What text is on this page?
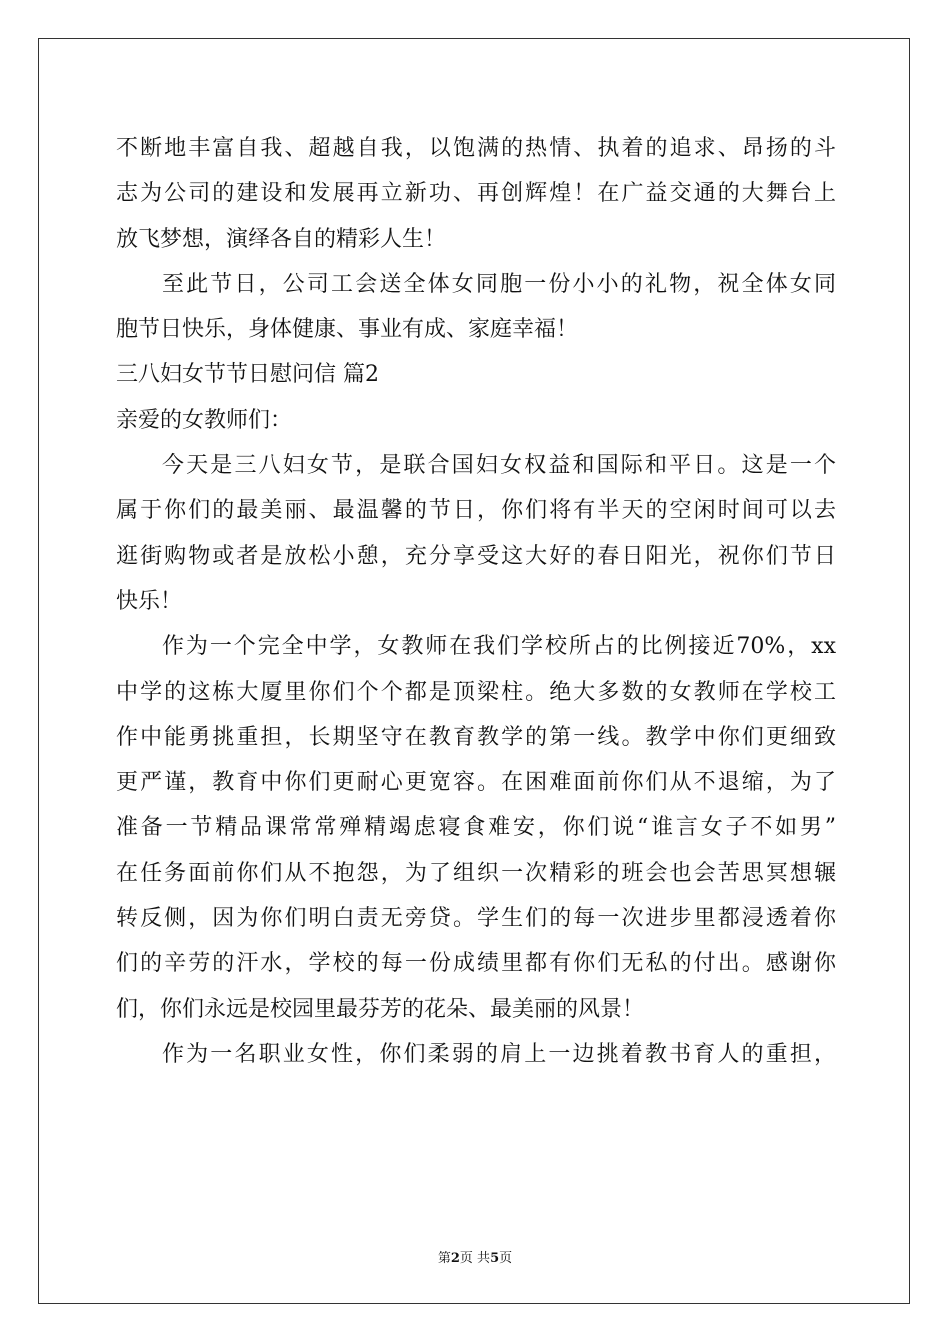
不断地丰富自我、超越自我，以饱满的热情、执着的追求、昂扬的斗
志为公司的建设和发展再立新功、再创辉煌！在广益交通的大舞台上
放飞梦想，演绎各自的精彩人生！
至此节日，公司工会送全体女同胞一份小小的礼物，祝全体女同
胞节日快乐，身体健康、事业有成、家庭幸福！
三八妇女节节日慰问信 篇2
亲爱的女教师们：
今天是三八妇女节，是联合国妇女权益和国际和平日。这是一个
属于你们的最美丽、最温馨的节日，你们将有半天的空闲时间可以去
逛街购物或者是放松小憩，充分享受这大好的春日阳光，祝你们节日
快乐！
作为一个完全中学，女教师在我们学校所占的比例接近70%，xx
中学的这栋大厦里你们个个都是顶梁柱。绝大多数的女教师在学校工
作中能勇挑重担，长期坚守在教育教学的第一线。教学中你们更细致
更严谨，教育中你们更耐心更宽容。在困难面前你们从不退缩，为了
准备一节精品课常常殚精竭虑寝食难安，你们说“谁言女子不如男”
在任务面前你们从不抱怨，为了组织一次精彩的班会也会苦思冥想辗
转反侧，因为你们明白责无旁贷。学生们的每一次进步里都浸透着你
们的辛劳的汗水，学校的每一份成绩里都有你们无私的付出。感谢你
们，你们永远是校园里最芬芳的花朵、最美丽的风景！
作为一名职业女性，你们柔弱的肩上一边挑着教书育人的重担，
第2页 共5页
